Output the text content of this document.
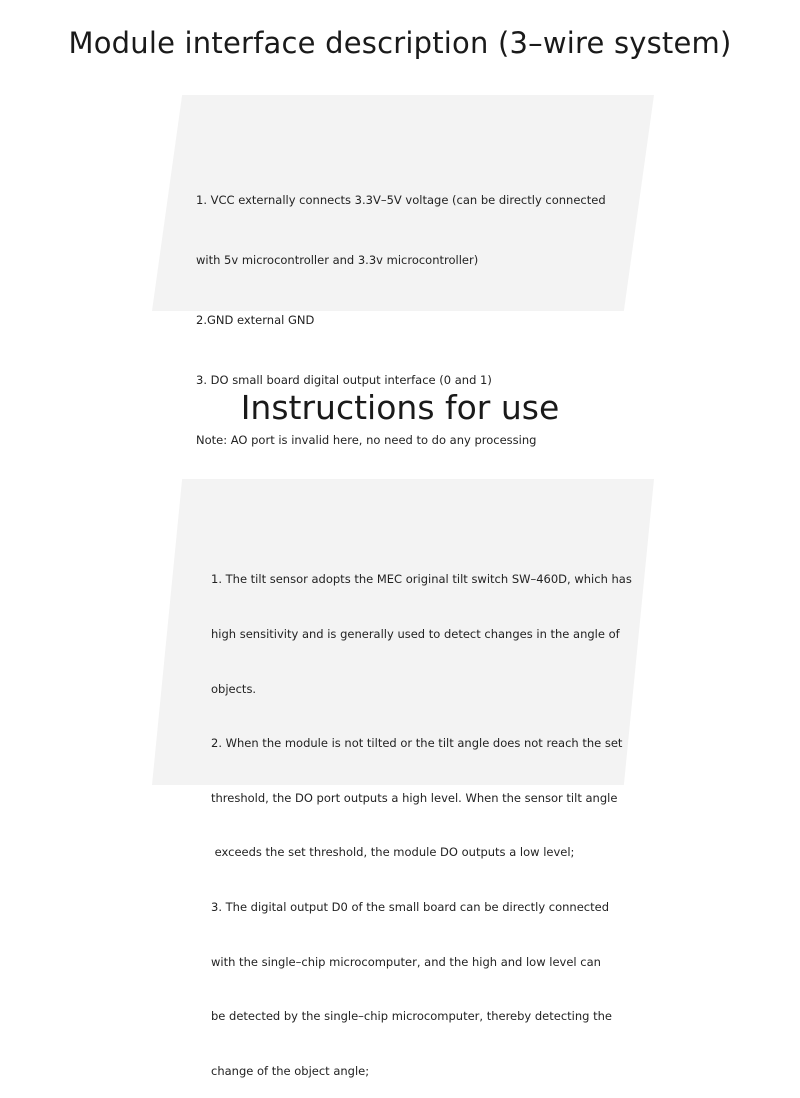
Module interface description (3–wire system)

1. VCC externally connects 3.3V–5V voltage (can be directly connected

with 5v microcontroller and 3.3v microcontroller)

2.GND external GND

3. DO small board digital output interface (0 and 1)

Note: AO port is invalid here, no need to do any processing

Instructions for use

1. The tilt sensor adopts the MEC original tilt switch SW–460D, which has

high sensitivity and is generally used to detect changes in the angle of

objects.

2. When the module is not tilted or the tilt angle does not reach the set

threshold, the DO port outputs a high level. When the sensor tilt angle

exceeds the set threshold, the module DO outputs a low level;

3. The digital output D0 of the small board can be directly connected

with the single–chip microcomputer, and the high and low level can

be detected by the single–chip microcomputer, thereby detecting the

change of the object angle;
